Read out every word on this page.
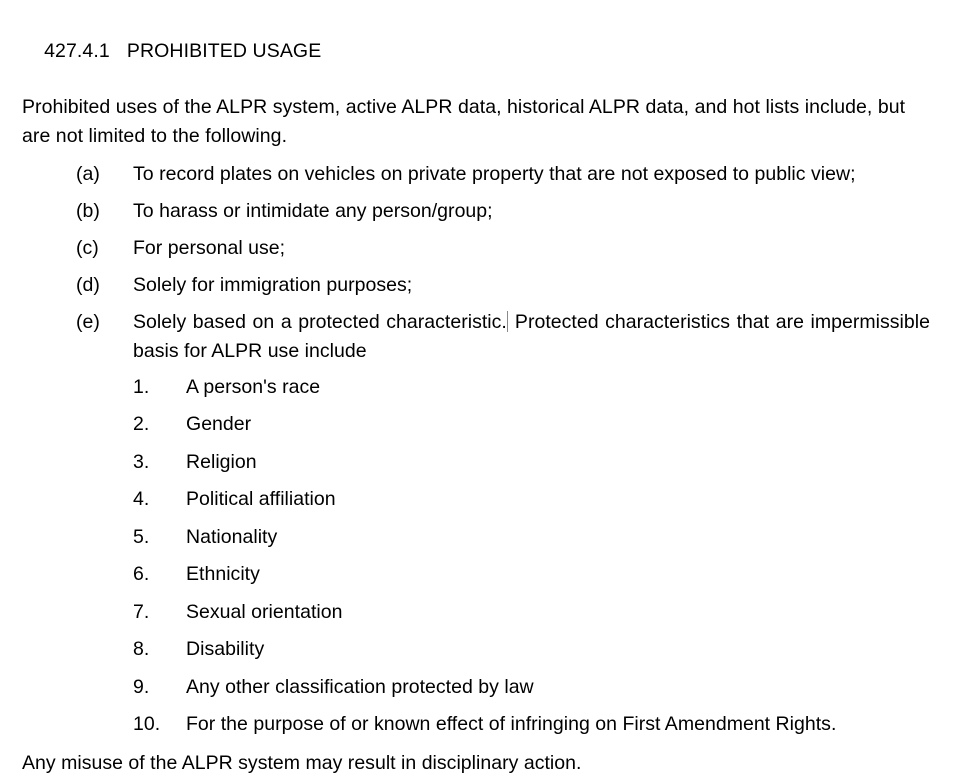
427.4.1 PROHIBITED USAGE

Prohibited uses of the ALPR system, active ALPR data, historical ALPR data, and hot lists include, but are not limited to the following.

(a)	To record plates on vehicles on private property that are not exposed to public view;
(b)	To harass or intimidate any person/group;
(c)	For personal use;
(d)	Solely for immigration purposes;
(e)	Solely based on a protected characteristic. Protected characteristics that are impermissible basis for ALPR use include
1.	A person's race
2.	Gender
3.	Religion
4.	Political affiliation
5.	Nationality
6.	Ethnicity
7.	Sexual orientation
8.	Disability
9.	Any other classification protected by law
10.	For the purpose of or known effect of infringing on First Amendment Rights.

Any misuse of the ALPR system may result in disciplinary action.
